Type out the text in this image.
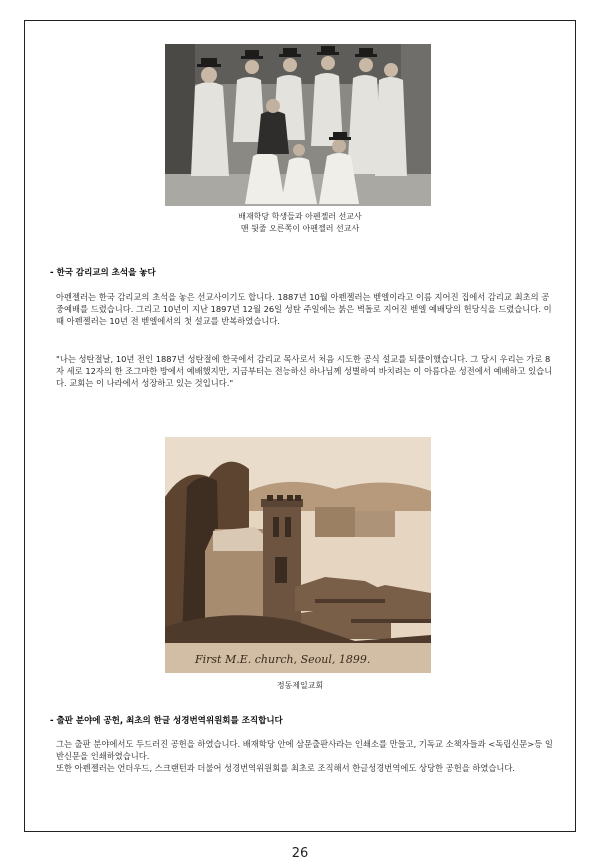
배재학당 학생들과 아펜젤러 선교사
맨 뒷줄 오른쪽이 아펜젤러 선교사
- 한국 감리교의 초석을 놓다

아펜젤러는 한국 감리교의 초석을 놓은 선교사이기도 합니다. 1887년 10월 아펜젤러는 벧엘이라고 이름 지어진 집에서 감리교 최초의 공중예배를 드렸습니다. 그리고 10년이 지난 1897년 12월 26일 성탄 주일에는 붉은 벽돌로 지어진 벧엘 예배당의 헌당식을 드렸습니다. 이 때 아펜젤러는 10년 전 벧엘에서의 첫 설교를 반복하였습니다.

"나는 성탄절날, 10년 전인 1887년 성탄절에 한국에서 감리교 목사로서 처음 시도한 공식 설교를 되풀이했습니다. 그 당시 우리는 가로 8자 세로 12자의 한 조그마한 방에서 예배했지만, 지금부터는 전능하신 하나님께 성별하여 바치려는 이 아름다운 성전에서 예배하고 있습니다. 교회는 이 나라에서 성장하고 있는 것입니다."

First M.E. church, Seoul, 1899.
정동제일교회
- 출판 분야에 공헌, 최초의 한글 성경번역위원회를 조직합니다

그는 출판 분야에서도 두드러진 공헌을 하였습니다. 배재학당 안에 삼문출판사라는 인쇄소를 만들고, 기독교 소책자들과 <독립신문>등 일반신문을 인쇄하였습니다.

또한 아펜젤러는 언더우드, 스크랜턴과 더불어 성경번역위원회를 최초로 조직해서 한글성경번역에도 상당한 공헌을 하였습니다.

26
